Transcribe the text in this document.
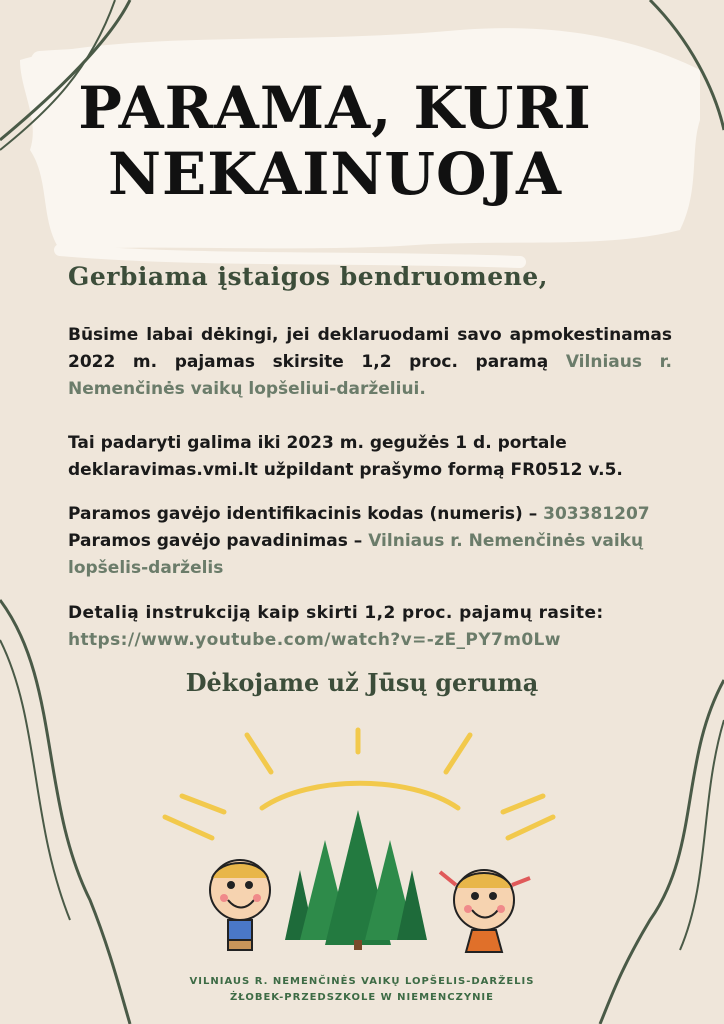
PARAMA, KURI
NEKAINUOJA

Gerbiama įstaigos bendruomene,

Būsime labai dėkingi, jei deklaruodami savo apmokestinamas 2022 m. pajamas skirsite 1,2 proc. paramą Vilniaus r. Nemenčinės vaikų lopšeliui-darželiui.

Tai padaryti galima iki 2023 m. gegužės 1 d. portale
deklaravimas.vmi.lt užpildant prašymo formą FR0512 v.5.

Paramos gavėjo identifikacinis kodas (numeris) – 303381207
Paramos gavėjo pavadinimas – Vilniaus r. Nemenčinės vaikų lopšelis-darželis

Detalią instrukciją kaip skirti 1,2 proc. pajamų rasite:
https://www.youtube.com/watch?v=-zE_PY7m0Lw

Dėkojame už Jūsų gerumą

VILNIAUS R. NEMENČINĖS VAIKŲ LOPŠELIS-DARŽELIS
ŻŁOBEK-PRZEDSZKOLE W NIEMENCZYNIE
